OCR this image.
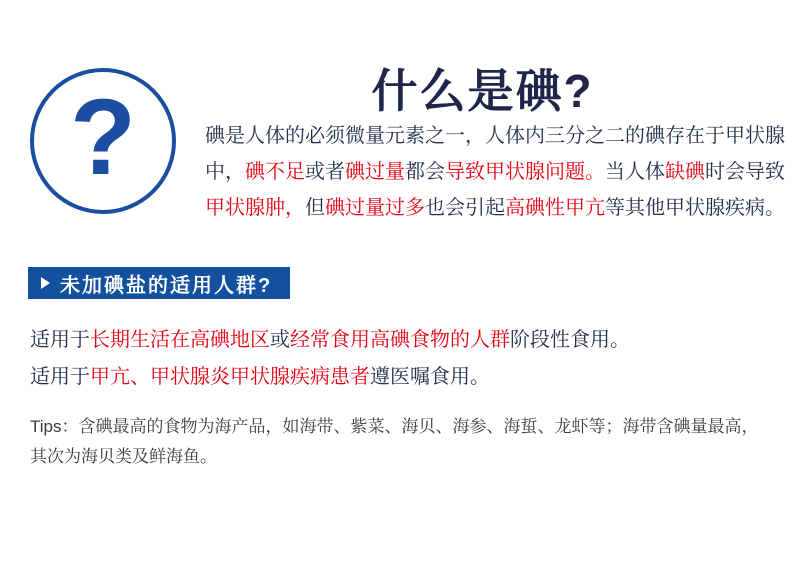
?	什么是碘?
碘是人体的必须微量元素之一，人体内三分之二的碘存在于甲状腺
中，碘不足或者碘过量都会导致甲状腺问题。当人体缺碘时会导致
甲状腺肿，但碘过量过多也会引起高碘性甲亢等其他甲状腺疾病。
未加碘盐的适用人群?
适用于长期生活在高碘地区或经常食用高碘食物的人群阶段性食用。
适用于甲亢、甲状腺炎甲状腺疾病患者遵医嘱食用。

Tips：含碘最高的食物为海产品，如海带、紫菜、海贝、海参、海蜇、龙虾等；海带含碘量最高，其次为海贝类及鲜海鱼。
